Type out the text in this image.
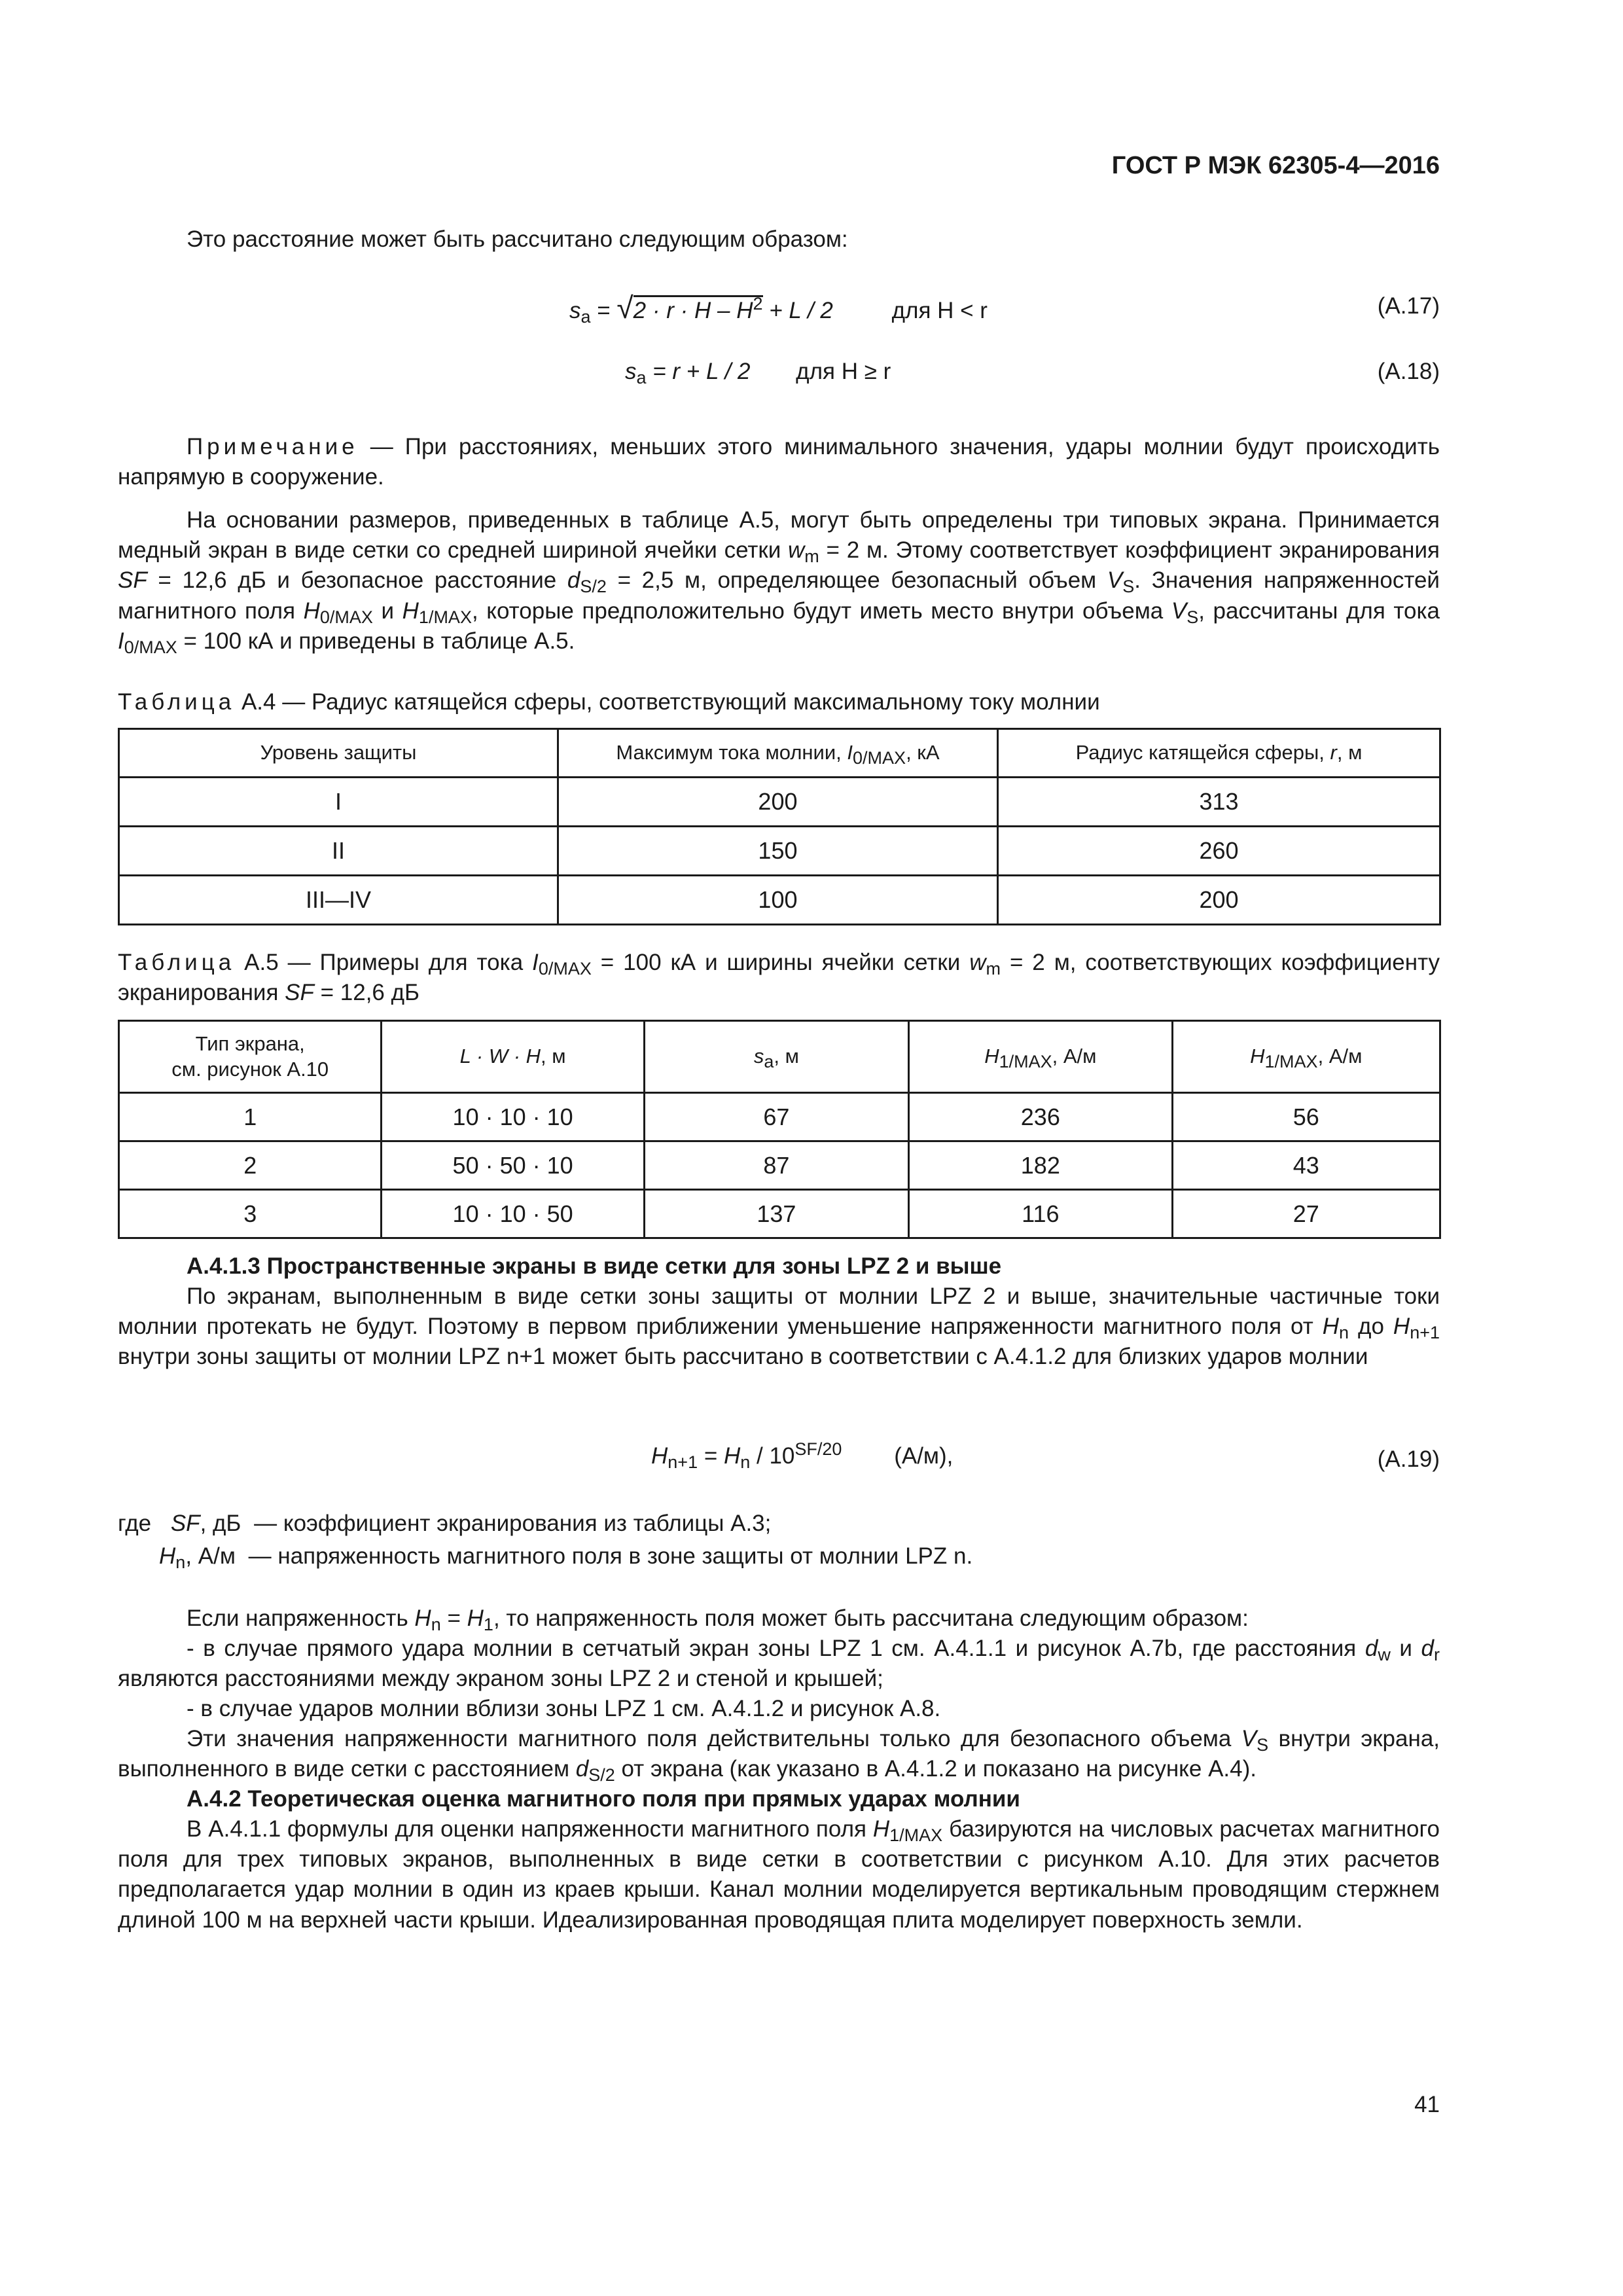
ГОСТ Р МЭК 62305-4—2016
Это расстояние может быть рассчитано следующим образом:
$s_a = √2 \cdot r \cdot H - H^2 + L / 2$	для H < r	(A.17)
$s_a = r + L / 2$ для H ≥ r	(A.18)
Примечание — При расстояниях, меньших этого минимального значения, удары молнии будут происходить напрямую в сооружение.
На основании размеров, приведенных в таблице A.5, могут быть определены три типовых экрана. Принимается медный экран в виде сетки со средней шириной ячейки сетки $w_m = 2$ м. Этому соответствует коэффициент экранирования SF = 12,6 дБ и безопасное расстояние $d_{S/2} = 2,5$ м, определяющее безопасный объем $V_S$. Значения напряженностей магнитного поля $H_{0/MAX}$ и $H_{1/MAX}$, которые предположительно будут иметь место внутри объема $V_S$, рассчитаны для тока $I_{0/MAX} = 100$ кА и приведены в таблице A.5.
Таблица A.4 — Радиус катящейся сферы, соответствующий максимальному току молнии
Уровень защиты	Максимум тока молнии, $I_{0/MAX}$, кА	Радиус катящейся сферы, r, м
I	200	313
II	150	260
III—IV	100	200
Таблица A.5 — Примеры для тока $I_{0/MAX} = 100$ кА и ширины ячейки сетки $w_m = 2$ м, соответствующих коэффициенту экранирования SF = 12,6 дБ
Тип экрана,
см. рисунок A.10	L · W · H, м	$s_a$, м	$H_{1/MAX}$, А/м	$H_{1/MAX}$, А/м
1	10 · 10 · 10	67	236	56
2	50 · 50 · 10	87	182	43
3	10 · 10 · 50	137	116	27
A.4.1.3 Пространственные экраны в виде сетки для зоны LPZ 2 и выше
По экранам, выполненным в виде сетки зоны защиты от молнии LPZ 2 и выше, значительные частичные токи молнии протекать не будут. Поэтому в первом приближении уменьшение напряженности магнитного поля от $H_n$ до $H_{n+1}$ внутри зоны защиты от молнии LPZ n+1 может быть рассчитано в соответствии с A.4.1.2 для близких ударов молнии
$H_{n+1} = H_n / 10^{SF/20}$ (А/м),	(A.19)
где SF, дБ — коэффициент экранирования из таблицы A.3;
$H_n$, А/м — напряженность магнитного поля в зоне защиты от молнии LPZ n.
Если напряженность $H_n = H_1$, то напряженность поля может быть рассчитана следующим образом:
- в случае прямого удара молнии в сетчатый экран зоны LPZ 1 см. A.4.1.1 и рисунок A.7b, где расстояния $d_w$ и $d_r$ являются расстояниями между экраном зоны LPZ 2 и стеной и крышей;
- в случае ударов молнии вблизи зоны LPZ 1 см. A.4.1.2 и рисунок A.8.
Эти значения напряженности магнитного поля действительны только для безопасного объема $V_S$ внутри экрана, выполненного в виде сетки с расстоянием $d_{S/2}$ от экрана (как указано в A.4.1.2 и показано на рисунке A.4).
A.4.2 Теоретическая оценка магнитного поля при прямых ударах молнии
В A.4.1.1 формулы для оценки напряженности магнитного поля $H_{1/MAX}$ базируются на числовых расчетах магнитного поля для трех типовых экранов, выполненных в виде сетки в соответствии с рисунком A.10. Для этих расчетов предполагается удар молнии в один из краев крыши. Канал молнии моделируется вертикальным проводящим стержнем длиной 100 м на верхней части крыши. Идеализированная проводящая плита моделирует поверхность земли.
41
